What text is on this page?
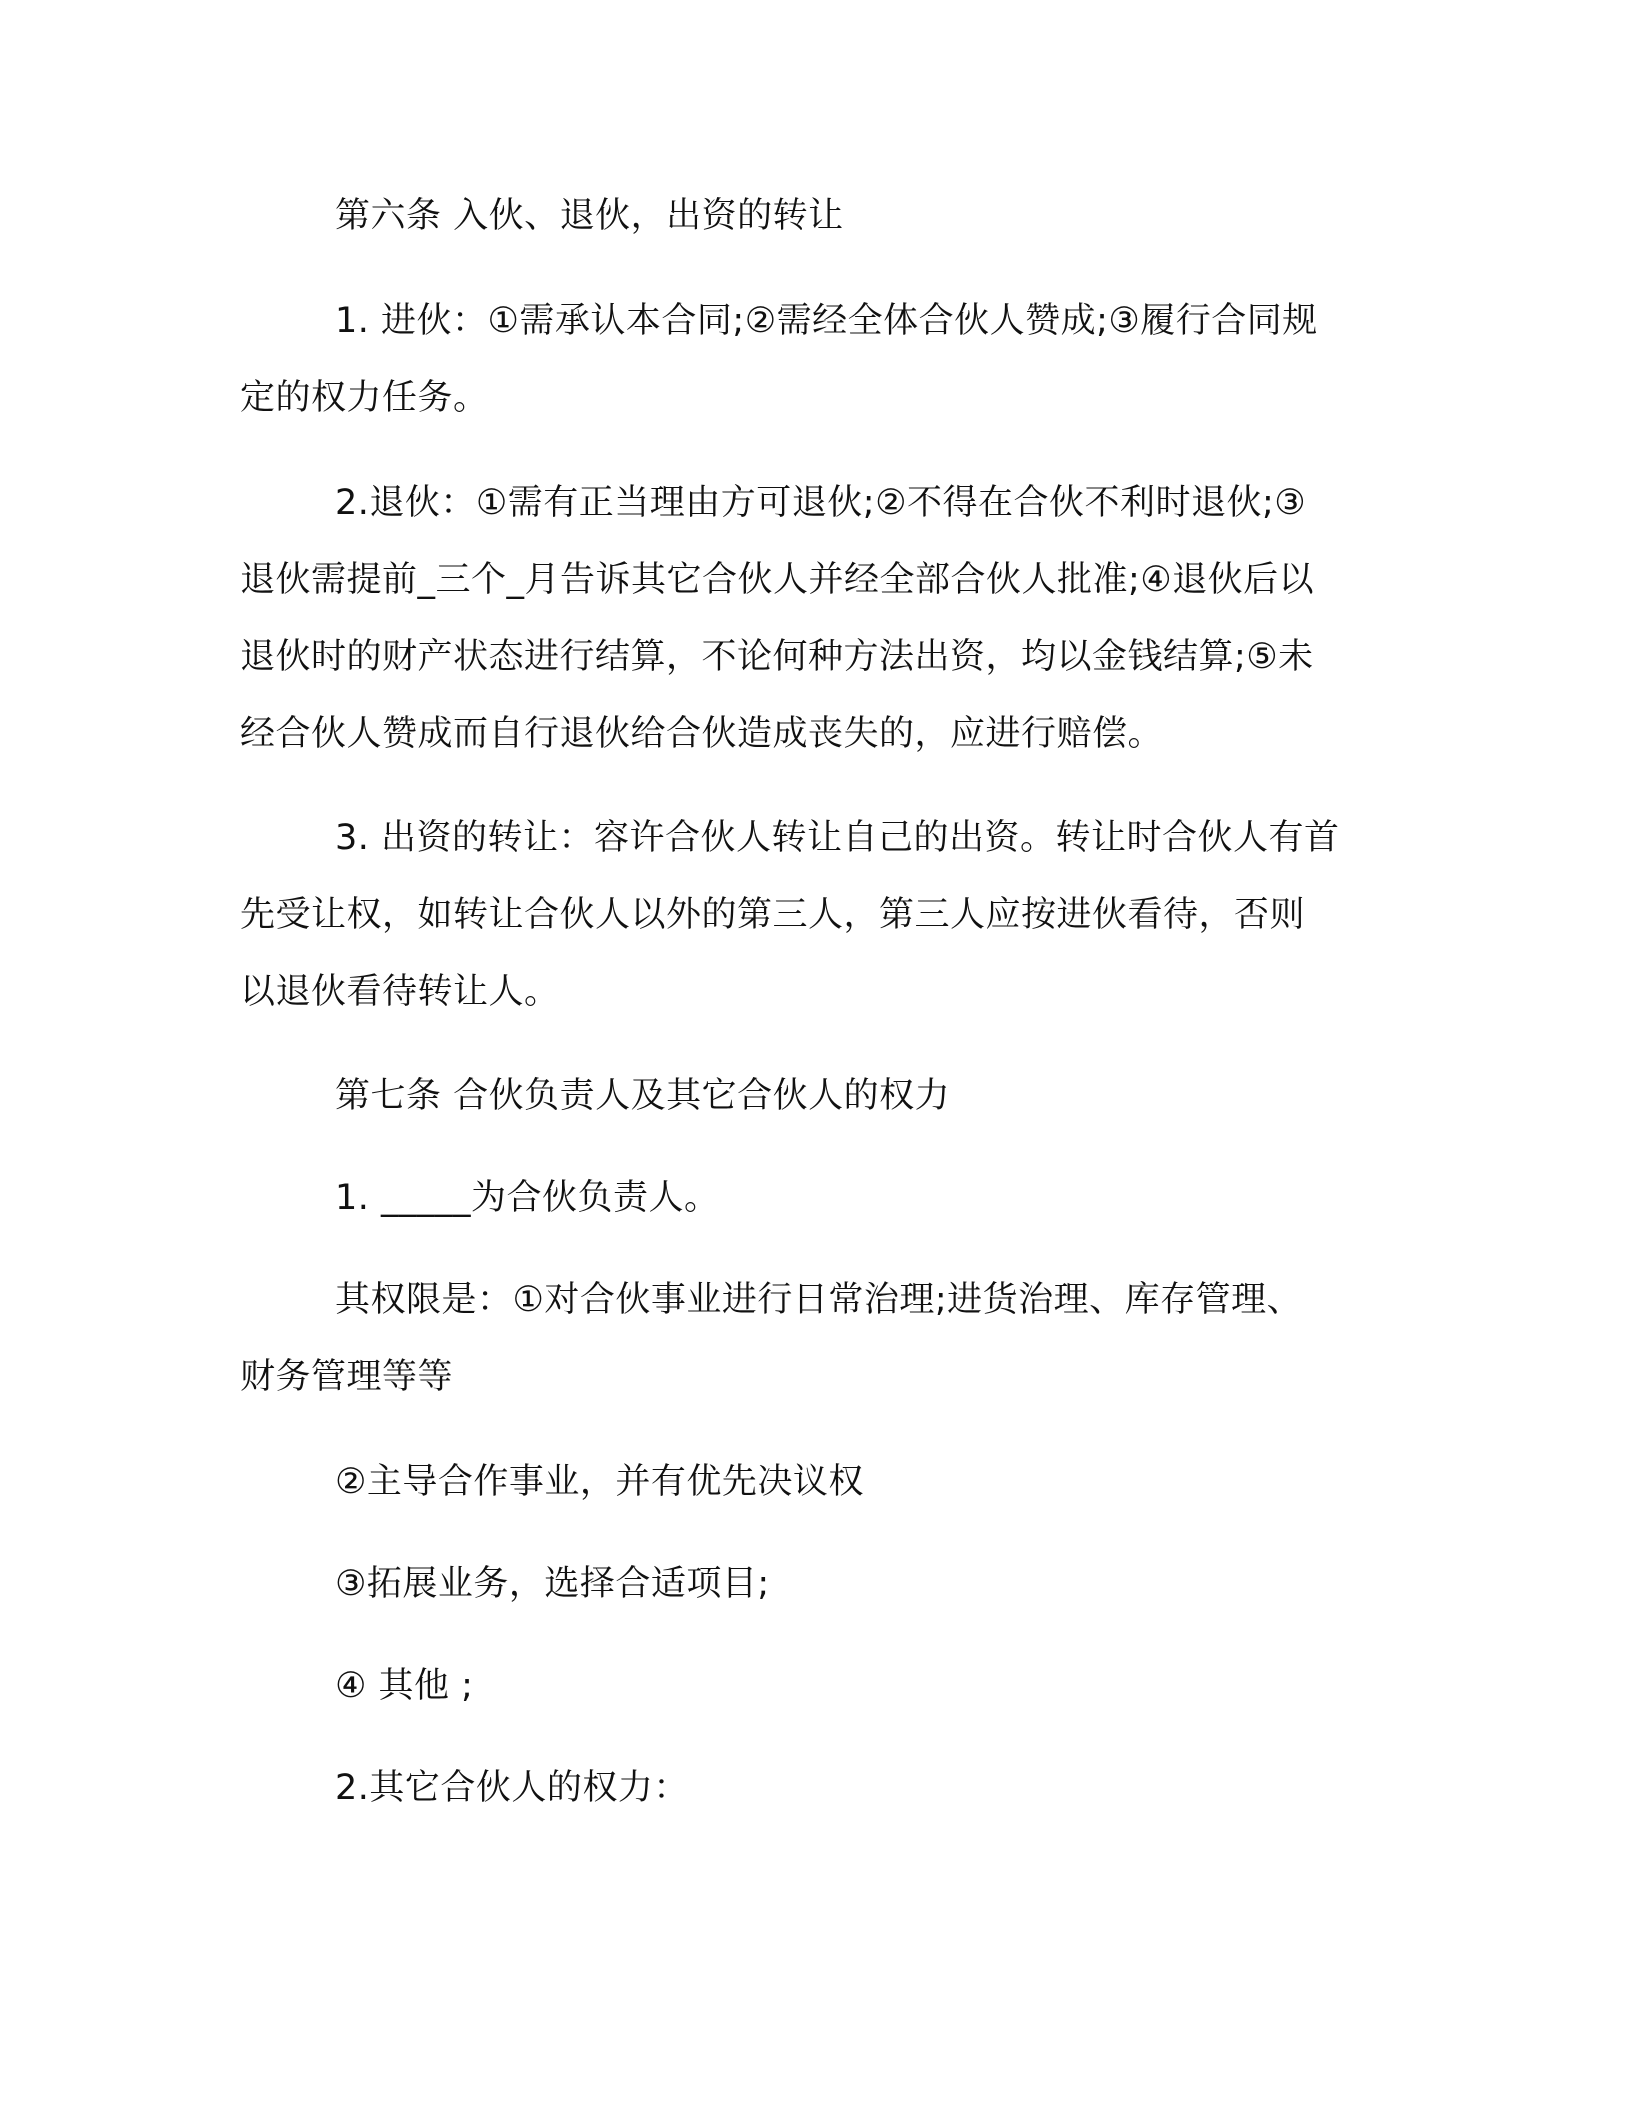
第六条 入伙、退伙，出资的转让

1. 进伙：①需承认本合同;②需经全体合伙人赞成;③履行合同规
定的权力任务。

2.退伙：①需有正当理由方可退伙;②不得在合伙不利时退伙;③
退伙需提前_三个_月告诉其它合伙人并经全部合伙人批准;④退伙后以
退伙时的财产状态进行结算，不论何种方法出资，均以金钱结算;⑤未
经合伙人赞成而自行退伙给合伙造成丧失的，应进行赔偿。

3. 出资的转让：容许合伙人转让自己的出资。转让时合伙人有首
先受让权，如转让合伙人以外的第三人，第三人应按进伙看待，否则
以退伙看待转让人。

第七条 合伙负责人及其它合伙人的权力

1. _____为合伙负责人。

其权限是：①对合伙事业进行日常治理;进货治理、库存管理、
财务管理等等

②主导合作事业，并有优先决议权

③拓展业务，选择合适项目;

④ 其他 ;

2.其它合伙人的权力：
